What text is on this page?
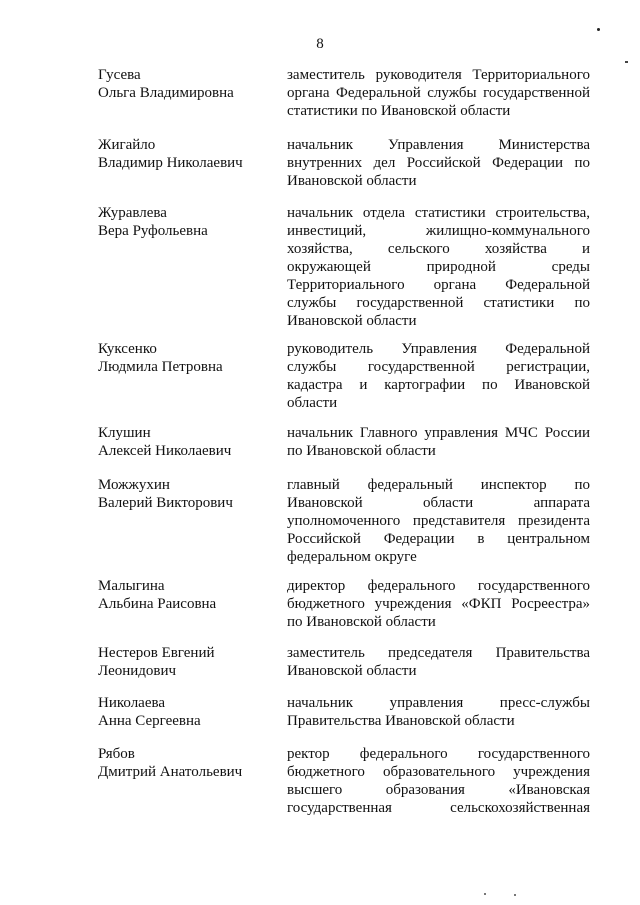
8
Гусева
Ольга Владимировна
заместитель руководителя Территориального
органа Федеральной службы государственной
статистики по Ивановской области
Жигайло
Владимир Николаевич
начальник Управления Министерства
внутренних дел Российской Федерации по
Ивановской области
Журавлева
Вера Руфольевна
начальник отдела статистики строительства,
инвестиций, жилищно-коммунального
хозяйства, сельского хозяйства и
окружающей природной среды
Территориального органа Федеральной
службы государственной статистики по
Ивановской области
Куксенко
Людмила Петровна
руководитель Управления Федеральной
службы государственной регистрации,
кадастра и картографии по Ивановской
области
Клушин
Алексей Николаевич
начальник Главного управления МЧС России
по Ивановской области
Можжухин
Валерий Викторович
главный федеральный инспектор по
Ивановской области аппарата
уполномоченного представителя президента
Российской Федерации в центральном
федеральном округе
Малыгина
Альбина Раисовна
директор федерального государственного
бюджетного учреждения «ФКП Росреестра»
по Ивановской области
Нестеров Евгений
Леонидович
заместитель председателя Правительства
Ивановской области
Николаева
Анна Сергеевна
начальник управления пресс-службы
Правительства Ивановской области
Рябов
Дмитрий Анатольевич
ректор федерального государственного
бюджетного образовательного учреждения
высшего образования «Ивановская
государственная сельскохозяйственная
